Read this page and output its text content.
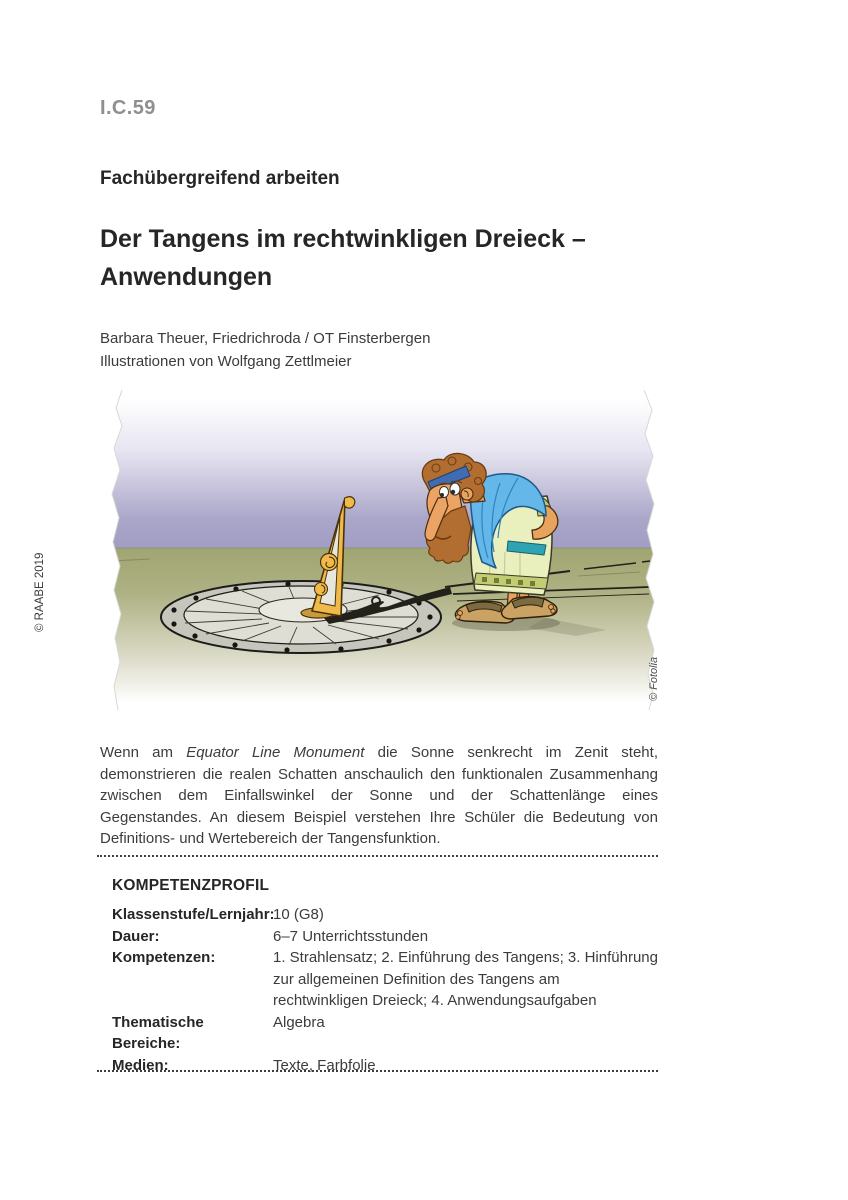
I.C.59
Fachübergreifend arbeiten
Der Tangens im rechtwinkligen Dreieck –
Anwendungen
Barbara Theuer, Friedrichroda / OT Finsterbergen
Illustrationen von Wolfgang Zettlmeier
© RAABE 2019
© Fotolia

Wenn am Equator Line Monument die Sonne senkrecht im Zenit steht, demonstrieren die realen Schatten anschaulich den funktionalen Zusammenhang zwischen dem Einfallswinkel der Sonne und der Schattenlänge eines Gegenstandes. An diesem Beispiel verstehen Ihre Schüler die Bedeutung von Definitions- und Wertebereich der Tangensfunktion.

KOMPETENZPROFIL
Klassenstufe/Lernjahr:
10 (G8)
Dauer:	6–7 Unterrichtsstunden
Kompetenzen:	1. Strahlensatz; 2. Einführung des Tangens; 3. Hinführung zur allgemeinen Definition des Tangens am rechtwinkligen Dreieck; 4. Anwendungsaufgaben
Thematische Bereiche:
Algebra
Medien:	Texte, Farbfolie
